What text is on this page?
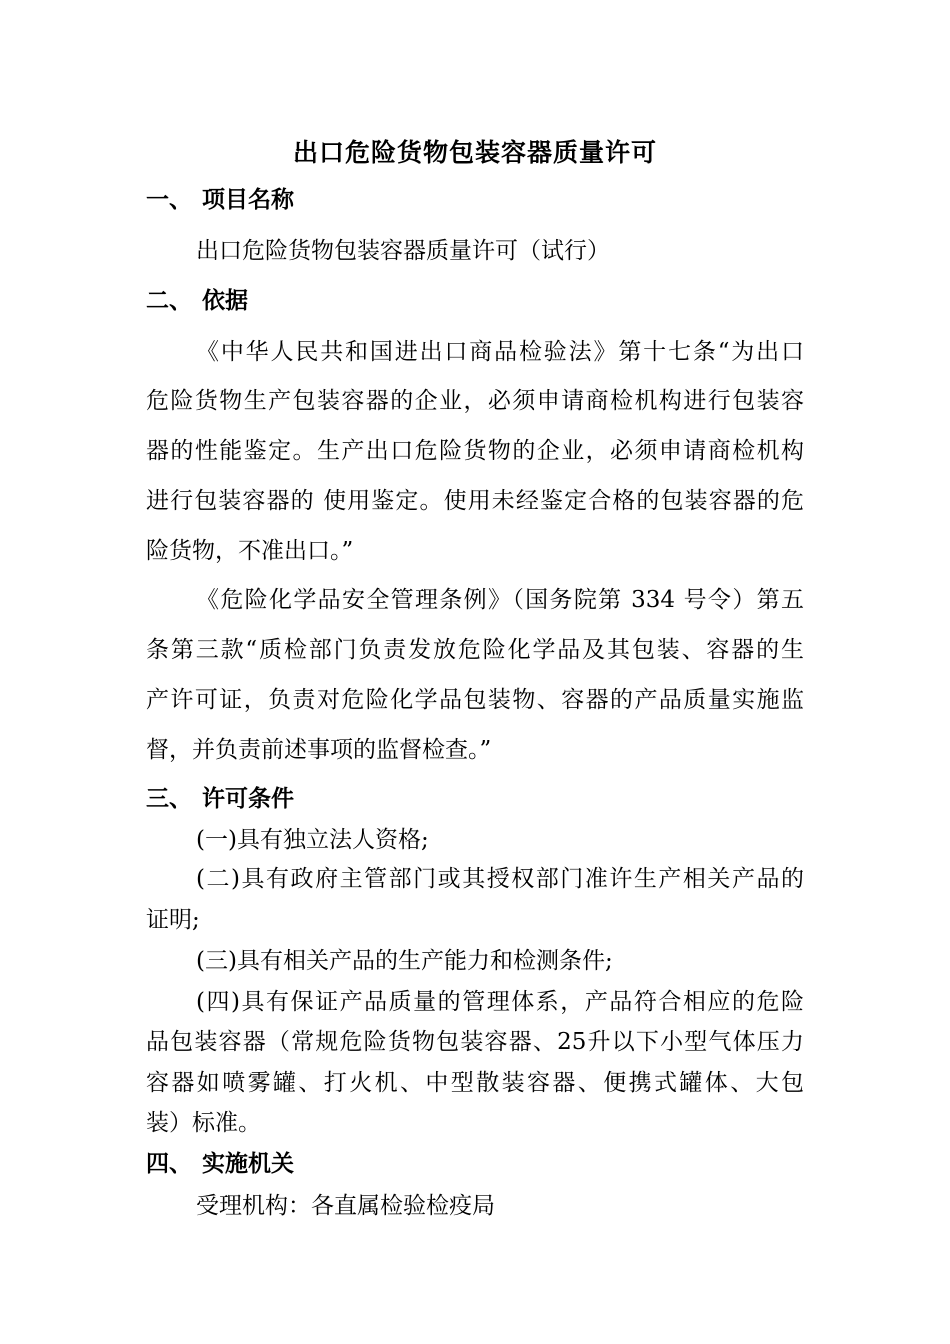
出口危险货物包装容器质量许可
一、 项目名称
出口危险货物包装容器质量许可（试行）
二、 依据
《中华人民共和国进出口商品检验法》第十七条“为出口
危险货物生产包装容器的企业，必须申请商检机构进行包装容
器的性能鉴定。生产出口危险货物的企业，必须申请商检机构
进行包装容器的 使用鉴定。使用未经鉴定合格的包装容器的危
险货物，不准出口。”
《危险化学品安全管理条例》（国务院第 334 号令）第五
条第三款“质检部门负责发放危险化学品及其包装、容器的生
产许可证，负责对危险化学品包装物、容器的产品质量实施监
督，并负责前述事项的监督检查。”
三、 许可条件
(一)具有独立法人资格;
(二)具有政府主管部门或其授权部门准许生产相关产品的
证明;
(三)具有相关产品的生产能力和检测条件;
(四)具有保证产品质量的管理体系，产品符合相应的危险
品包装容器（常规危险货物包装容器、25升以下小型气体压力
容器如喷雾罐、打火机、中型散装容器、便携式罐体、大包
装）标准。
四、 实施机关
受理机构：各直属检验检疫局
